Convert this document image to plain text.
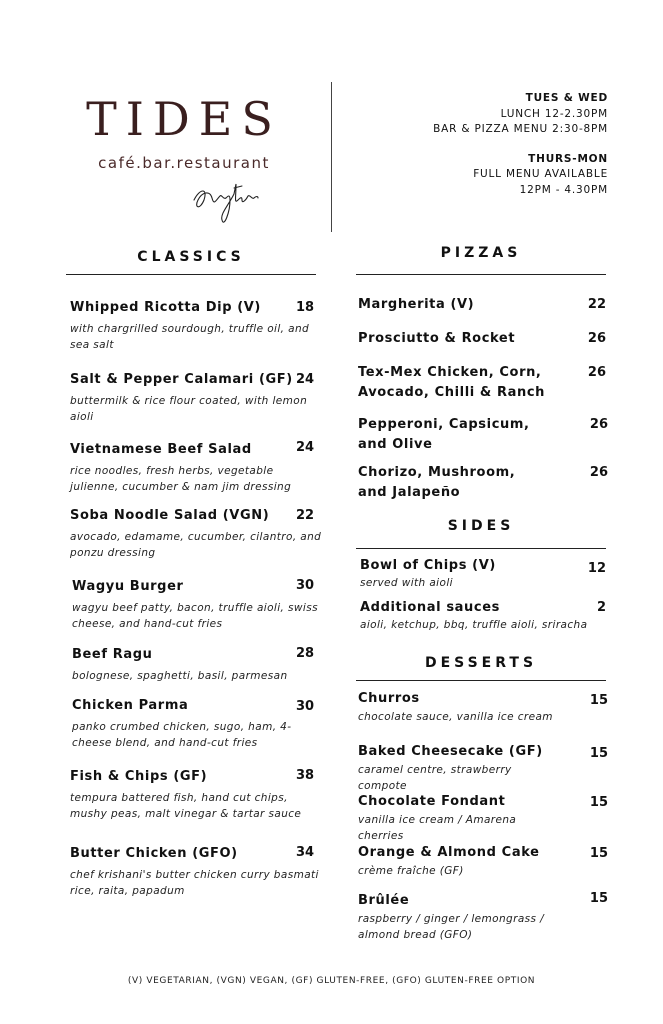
TIDES
café.bar.restaurant
TUES & WED
LUNCH 12-2.30PM
BAR & PIZZA MENU 2:30-8PM
THURS-MON
FULL MENU AVAILABLE
12PM - 4.30PM
CLASSICS
Whipped Ricotta Dip (V)	18
with chargrilled sourdough, truffle oil, and sea salt
Salt & Pepper Calamari (GF) 24
buttermilk & rice flour coated, with lemon aioli
Vietnamese Beef Salad	24
rice noodles, fresh herbs, vegetable julienne, cucumber & nam jim dressing
Soba Noodle Salad (VGN)	22
avocado, edamame, cucumber, cilantro, and ponzu dressing
Wagyu Burger	30
wagyu beef patty, bacon, truffle aioli, swiss cheese, and hand-cut fries
Beef Ragu	28
bolognese, spaghetti, basil, parmesan
Chicken Parma	30
panko crumbed chicken, sugo, ham, 4-cheese blend, and hand-cut fries
Fish & Chips (GF)	38
tempura battered fish, hand cut chips, mushy peas, malt vinegar & tartar sauce
Butter Chicken (GFO)	34
chef krishani's butter chicken curry basmati rice, raita, papadum
PIZZAS
Margherita (V)	22
Prosciutto & Rocket	26
Tex-Mex Chicken, Corn, Avocado, Chilli & Ranch
26
Pepperoni, Capsicum, and Olive
26
Chorizo, Mushroom, and Jalapeño
26
SIDES
Bowl of Chips (V)	12
served with aioli
Additional sauces	2
aioli, ketchup, bbq, truffle aioli, sriracha
DESSERTS
Churros	15
chocolate sauce, vanilla ice cream
Baked Cheesecake (GF)	15
caramel centre, strawberry compote
Chocolate Fondant	15
vanilla ice cream / Amarena cherries
Orange & Almond Cake	15
crème fraîche (GF)
Brûlée	15
raspberry / ginger / lemongrass / almond bread (GFO)
(V) VEGETARIAN, (VGN) VEGAN, (GF) GLUTEN-FREE, (GFO) GLUTEN-FREE OPTION
